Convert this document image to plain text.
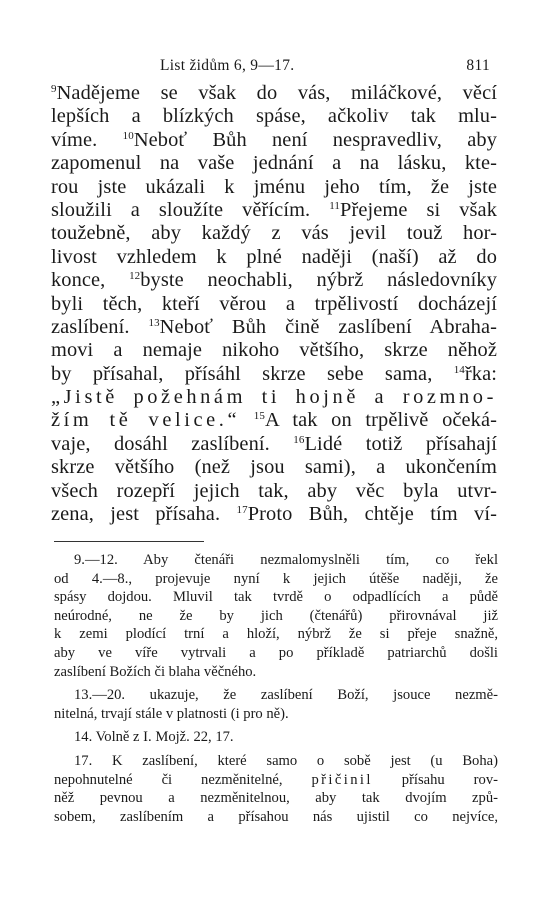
List židům 6, 9—17.	811
$^9$Nadějeme se však do vás, miláčkové, věcí
lepších a blízkých spáse, ačkoliv tak mlu-
víme. $^{10}$Neboť Bůh není nespravedliv, aby
zapomenul na vaše jednání a na lásku, kte-
rou jste ukázali k jménu jeho tím, že jste
sloužili a sloužíte věřícím. $^{11}$Přejeme si však
toužebně, aby každý z vás jevil touž hor-
livost vzhledem k plné naději (naší) až do
konce, $^{12}$byste neochabli, nýbrž následovníky
byli těch, kteří věrou a trpělivostí docházejí
zaslíbení. $^{13}$Neboť Bůh čině zaslíbení Abraha-
movi a nemaje nikoho většího, skrze něhož
by přísahal, přísáhl skrze sebe sama, $^{14}$řka:
„Jistě požehnám ti hojně a rozmno-
žím tě velice.“ $^{15}$A tak on trpělivě očeká-
vaje, dosáhl zaslíbení. $^{16}$Lidé totiž přísahají
skrze většího (než jsou sami), a ukončením
všech rozepří jejich tak, aby věc byla utvr-
zena, jest přísaha. $^{17}$Proto Bůh, chtěje tím ví-
9.—12. Aby čtenáři nezmalomyslněli tím, co řekl
od 4.—8., projevuje nyní k jejich útěše naději, že
spásy dojdou. Mluvil tak tvrdě o odpadlících a půdě
neúrodné, ne že by jich (čtenářů) přirovnával již
k zemi plodící trní a hloží, nýbrž že si přeje snažně,
aby ve víře vytrvali a po příkladě patriarchů došli
zaslíbení Božích či blaha věčného.
13.—20. ukazuje, že zaslíbení Boží, jsouce nezmě-
nitelná, trvají stále v platnosti (i pro ně).
14. Volně z I. Mojž. 22, 17.
17. K zaslíbení, které samo o sobě jest (u Boha)
nepohnutelné či nezměnitelné, přičinil přísahu rov-
něž pevnou a nezměnitelnou, aby tak dvojím způ-
sobem, zaslíbením a přísahou nás ujistil co nejvíce,
